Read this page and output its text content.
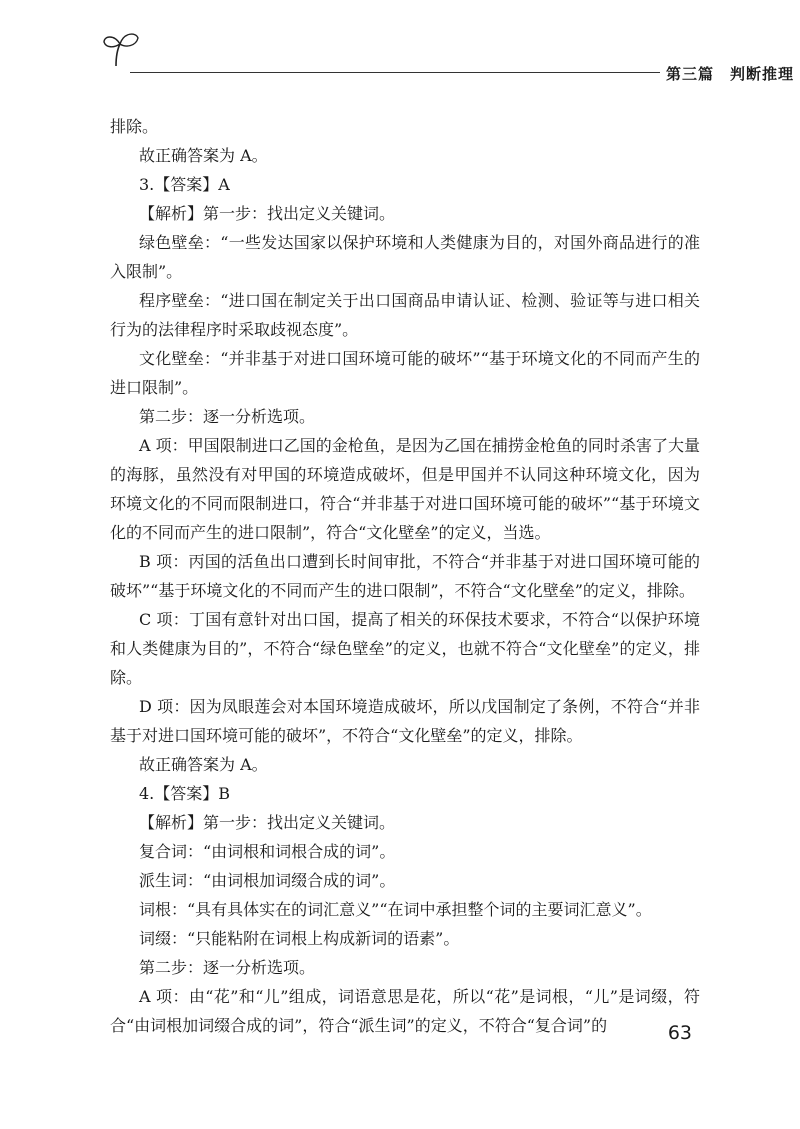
第三篇　判断推理

排除。

故正确答案为 A。

3.【答案】A

【解析】第一步：找出定义关键词。

绿色壁垒：“一些发达国家以保护环境和人类健康为目的，对国外商品进行的准入限制”。

程序壁垒：“进口国在制定关于出口国商品申请认证、检测、验证等与进口相关行为的法律程序时采取歧视态度”。

文化壁垒：“并非基于对进口国环境可能的破坏”“基于环境文化的不同而产生的进口限制”。

第二步：逐一分析选项。

A 项：甲国限制进口乙国的金枪鱼，是因为乙国在捕捞金枪鱼的同时杀害了大量的海豚，虽然没有对甲国的环境造成破坏，但是甲国并不认同这种环境文化，因为环境文化的不同而限制进口，符合“并非基于对进口国环境可能的破坏”“基于环境文化的不同而产生的进口限制”，符合“文化壁垒”的定义，当选。

B 项：丙国的活鱼出口遭到长时间审批，不符合“并非基于对进口国环境可能的破坏”“基于环境文化的不同而产生的进口限制”，不符合“文化壁垒”的定义，排除。

C 项：丁国有意针对出口国，提高了相关的环保技术要求，不符合“以保护环境和人类健康为目的”，不符合“绿色壁垒”的定义，也就不符合“文化壁垒”的定义，排除。

D 项：因为凤眼莲会对本国环境造成破坏，所以戊国制定了条例，不符合“并非基于对进口国环境可能的破坏”，不符合“文化壁垒”的定义，排除。

故正确答案为 A。

4.【答案】B

【解析】第一步：找出定义关键词。

复合词：“由词根和词根合成的词”。

派生词：“由词根加词缀合成的词”。

词根：“具有具体实在的词汇意义”“在词中承担整个词的主要词汇意义”。

词缀：“只能粘附在词根上构成新词的语素”。

第二步：逐一分析选项。

A 项：由“花”和“儿”组成，词语意思是花，所以“花”是词根，“儿”是词缀，符合“由词根加词缀合成的词”，符合“派生词”的定义，不符合“复合词”的	63
